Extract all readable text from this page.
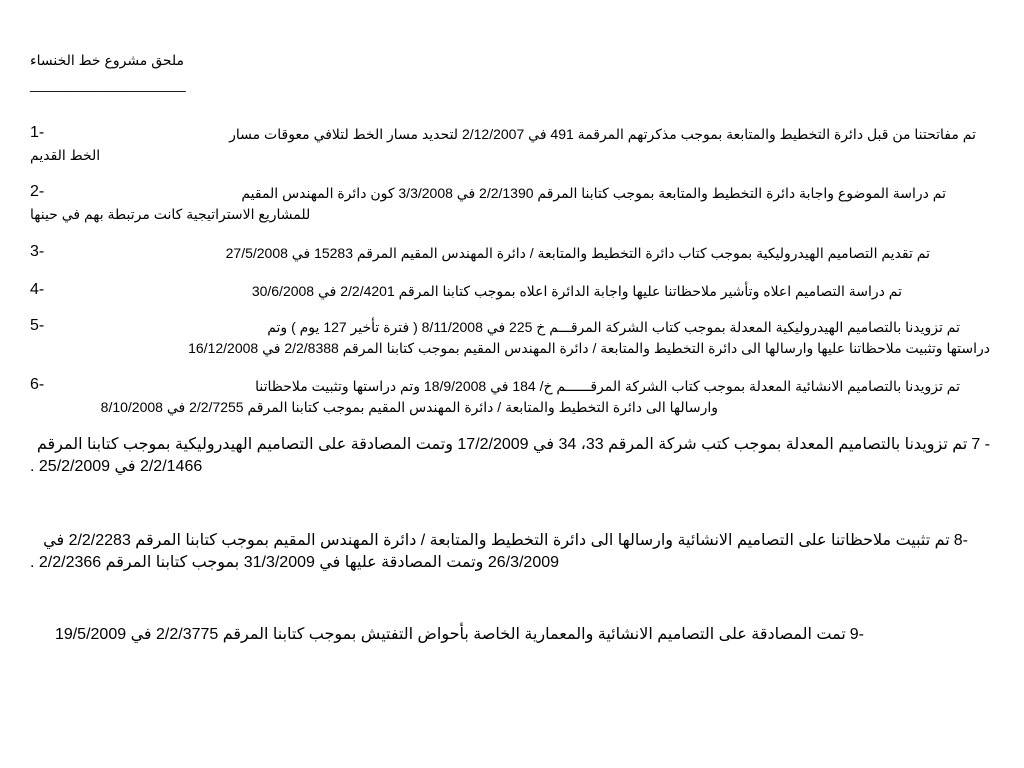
ملحق مشروع خط الخنساء
____________________
1-	تم مفاتحتنا من قبل دائرة التخطيط والمتابعة بموجب مذكرتهم المرقمة 491 في 2/12/2007 لتحديد مسار الخط لتلافي معوقات مسار
الخط القديم

2-	تم دراسة الموضوع واجابة دائرة التخطيط والمتابعة بموجب كتابنا المرقم 2/2/1390 في 3/3/2008 كون دائرة المهندس المقيم
للمشاريع الاستراتيجية كانت مرتبطة بهم في حينها

3-	تم تقديم التصاميم الهيدروليكية بموجب كتاب دائرة التخطيط والمتابعة / دائرة المهندس المقيم المرقم 15283 في 27/5/2008

4-	تم دراسة التصاميم اعلاه وتأشير ملاحظاتنا عليها واجابة الدائرة اعلاه بموجب كتابنا المرقم 2/2/4201 في 30/6/2008

5-	تم تزويدنا بالتصاميم الهيدروليكية المعدلة بموجب كتاب الشركة المرقـــم خ 225 في 8/11/2008 ( فترة تأخير 127 يوم ) وتم
دراستها وتثبيت ملاحظاتنا عليها وارسالها الى دائرة التخطيط والمتابعة / دائرة المهندس المقيم بموجب كتابنا المرقم 2/2/8388 في 16/12/2008

6-	تم تزويدنا بالتصاميم الانشائية المعدلة بموجب كتاب الشركة المرقــــــم خ/ 184 في 18/9/2008 وتم دراستها وتثبيت ملاحظاتنا
وارسالها الى دائرة التخطيط والمتابعة / دائرة المهندس المقيم بموجب كتابنا المرقم 2/2/7255 في 8/10/2008

7 -
تم تزويدنا بالتصاميم المعدلة بموجب كتب شركة المرقم 33، 34 في 17/2/2009 وتمت المصادقة على التصاميم الهيدروليكية بموجب كتابنا المرقم
2/2/1466 في 25/2/2009 .

8-
تم تثبيت ملاحظاتنا على التصاميم الانشائية وارسالها الى دائرة التخطيط والمتابعة / دائرة المهندس المقيم بموجب كتابنا المرقم 2/2/2283 في
26/3/2009 وتمت المصادقة عليها في 31/3/2009 بموجب كتابنا المرقم 2/2/2366 .

9-
تمت المصادقة على التصاميم الانشائية والمعمارية الخاصة بأحواض التفتيش بموجب كتابنا المرقم 2/2/3775 في 19/5/2009
